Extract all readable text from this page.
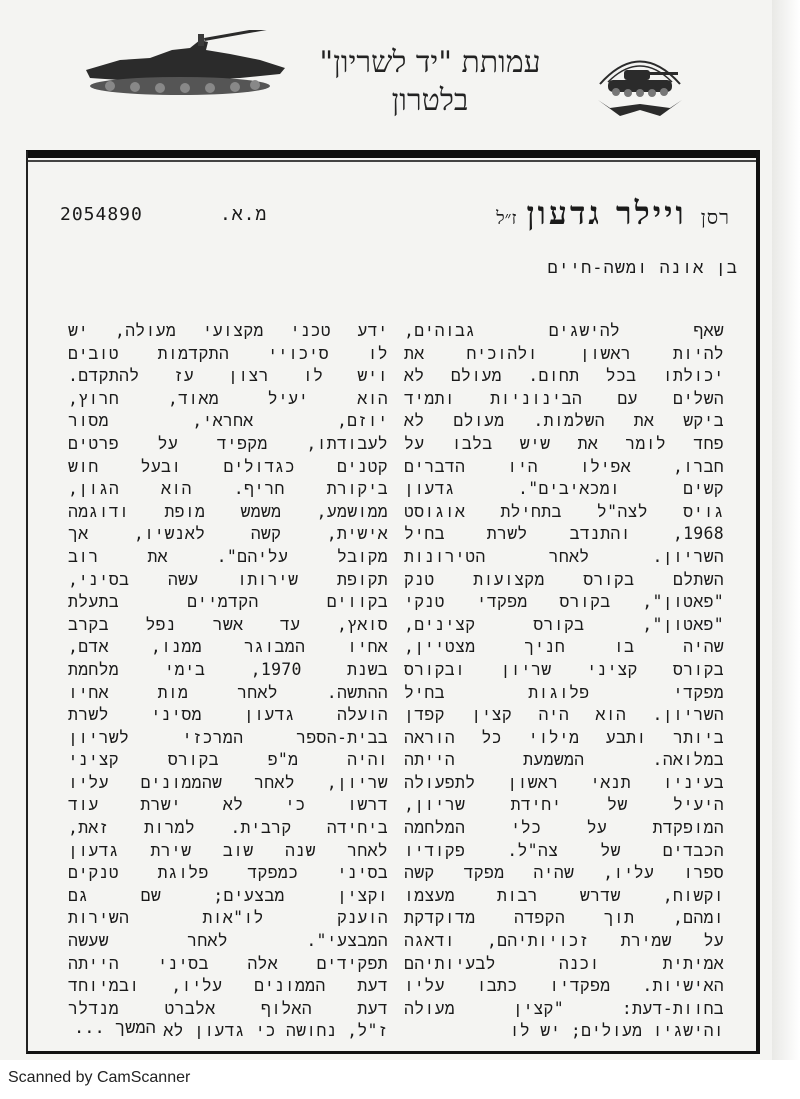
עמותת "יד לשריון"
בלטרון
2054890	מ.א.	רסןויילר גדעוןז״ל
בן אונה ומשה-חיים
שאף להישגים גבוהים,
להיות ראשון ולהוכיח את
יכולתו בכל תחום. מעולם לא
השלים עם הבינוניות ותמיד
ביקש את השלמות. מעולם לא
פחד לומר את שיש בלבו על
חברו, אפילו היו הדברים
קשים ומכאיבים". גדעון
גויס לצה"ל בתחילת אוגוסט
1968, והתנדב לשרת בחיל
השריון. לאחר הטירונות
השתלם בקורס מקצועות טנק
"פאטון", בקורס מפקדי טנקי
"פאטון", בקורס קצינים,
שהיה בו חניך מצטיין,
בקורס קציני שריון ובקורס
מפקדי פלוגות בחיל
השריון. הוא היה קצין קפדן
ביותר ותבע מילוי כל הוראה
במלואה. המשמעת הייתה
בעיניו תנאי ראשון לתפעולה
היעיל של יחידת שריון,
המופקדת על כלי המלחמה
הכבדים של צה"ל. פקודיו
ספרו עליו, שהיה מפקד קשה
וקשוח, שדרש רבות מעצמו
ומהם, תוך הקפדה מדוקדקת
על שמירת זכויותיהם, ודאגה
אמיתית וכנה לבעיותיהם
האישיות. מפקדיו כתבו עליו
בחוות-דעת: "קצין מעולה
והישגיו מעולים; יש לו
ידע טכני מקצועי מעולה, יש
לו סיכויי התקדמות טובים
ויש לו רצון עז להתקדם.
הוא יעיל מאוד, חרוץ,
יוזם, אחראי, מסור
לעבודתו, מקפיד על פרטים
קטנים כגדולים ובעל חוש
ביקורת חריף. הוא הגון,
ממושמע, משמש מופת ודוגמה
אישית, קשה לאנשיו, אך
מקובל עליהם". את רוב
תקופת שירותו עשה בסיני,
בקווים הקדמיים בתעלת
סואץ, עד אשר נפל בקרב
אחיו המבוגר ממנו, אדם,
בשנת 1970, בימי מלחמת
ההתשה. לאחר מות אחיו
הועלה גדעון מסיני לשרת
בבית-הספר המרכזי לשריון
והיה מ"פ בקורס קציני
שריון, לאחר שהממונים עליו
דרשו כי לא ישרת עוד
ביחידה קרבית. למרות זאת,
לאחר שנה שוב שירת גדעון
בסיני כמפקד פלוגת טנקים
וקצין מבצעים; שם גם
הוענק לו"אות השירות
המבצעי". לאחר שעשה
תפקידים אלה בסיני הייתה
דעת הממונים עליו, ובמיוחד
דעת האלוף אלברט מנדלר
ז"ל, נחושה כי גדעון לא
המשך ...
Scanned by CamScanner
